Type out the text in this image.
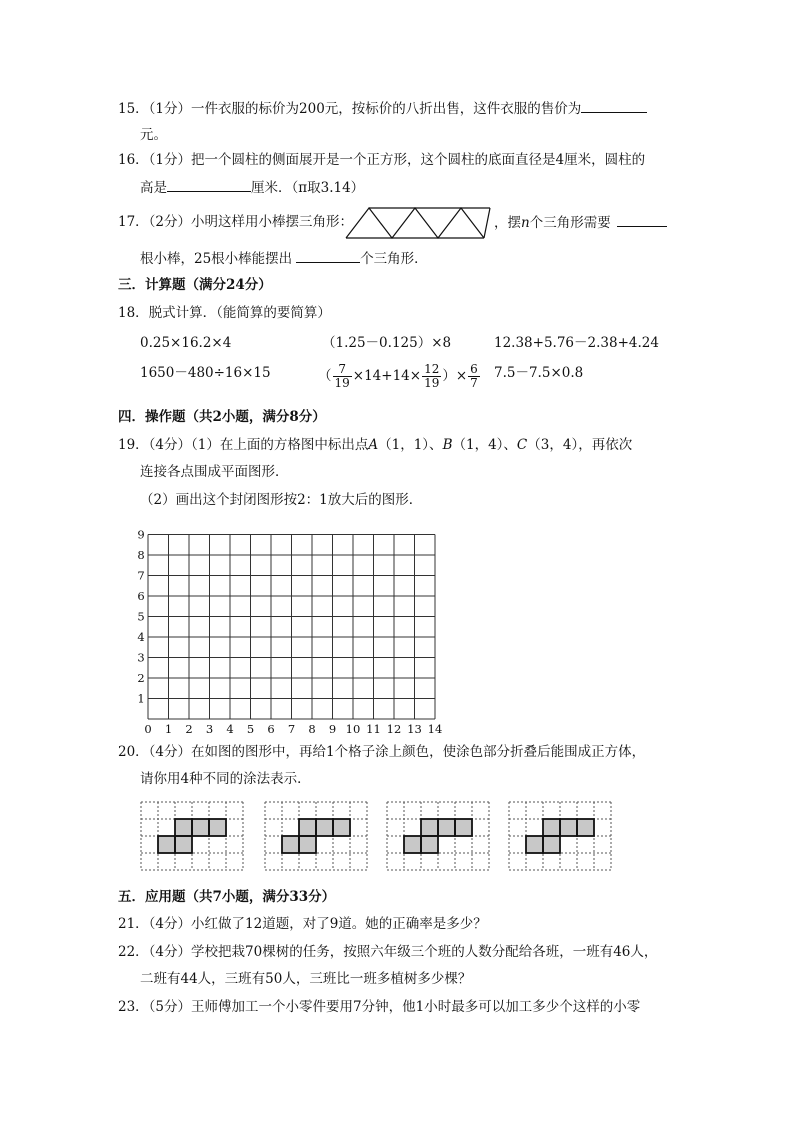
15．（1分）一件衣服的标价为200元，按标价的八折出售，这件衣服的售价为
元。
16．（1分）把一个圆柱的侧面展开是一个正方形，这个圆柱的底面直径是4厘米，圆柱的
高是	厘米．（π取3.14）
17．（2分）小明这样用小棒摆三角形：	，摆n个三角形需要
根小棒，25根小棒能摆出	个三角形．
三．计算题（满分24分）
18．脱式计算．（能简算的要简算）
0.25×16.2×4	（1.25－0.125）×8	12.38+5.76－2.38+4.24
1650－480÷16×15	（ $\frac{7}{19} \times 14+14\times \frac{12}{19}$ ）× $\frac{6}{7} 7.5-7.5\times 0.8$
四．操作题（共2小题，满分8分）
19．（4分）（1）在上面的方格图中标出点A（1，1）、B（1，4）、C（3，4），再依次
连接各点围成平面图形．
（2）画出这个封闭图形按2：1放大后的图形．
0 1 2 3 4 5 6 7 8 9 10 11 12 13 14
1
2
3
4
5
6
7
8
9
20．（4分）在如图的图形中，再给1个格子涂上颜色，使涂色部分折叠后能围成正方体，
请你用4种不同的涂法表示．
五．应用题（共7小题，满分33分）
21．（4分）小红做了12道题，对了9道。她的正确率是多少？
22．（4分）学校把栽70棵树的任务，按照六年级三个班的人数分配给各班，一班有46人，
二班有44人，三班有50人，三班比一班多植树多少棵？
23．（5分）王师傅加工一个小零件要用7分钟，他1小时最多可以加工多少个这样的小零
